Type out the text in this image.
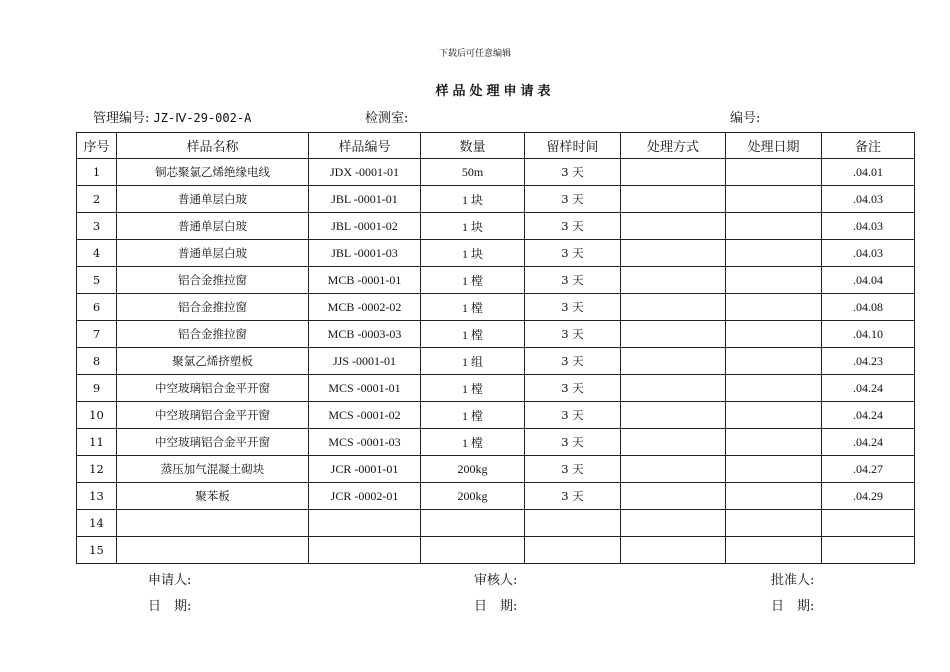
下载后可任意编辑
样品处理申请表
管理编号: JZ-Ⅳ-29-002-A	检测室:	编号:
序号	样品名称	样品编号	数量	留样时间	处理方式	处理日期	备注
1	铜芯聚氯乙烯绝缘电线	JDX -0001-01	50m	3 天			.04.01
2	普通单层白玻	JBL -0001-01	1 块	3 天			.04.03
3	普通单层白玻	JBL -0001-02	1 块	3 天			.04.03
4	普通单层白玻	JBL -0001-03	1 块	3 天			.04.03
5	铝合金推拉窗	MCB -0001-01	1 樘	3 天			.04.04
6	铝合金推拉窗	MCB -0002-02	1 樘	3 天			.04.08
7	铝合金推拉窗	MCB -0003-03	1 樘	3 天			.04.10
8	聚氯乙烯挤塑板	JJS -0001-01	1 组	3 天			.04.23
9	中空玻璃铝合金平开窗	MCS -0001-01	1 樘	3 天			.04.24
10	中空玻璃铝合金平开窗	MCS -0001-02	1 樘	3 天			.04.24
11	中空玻璃铝合金平开窗	MCS -0001-03	1 樘	3 天			.04.24
12	蒸压加气混凝土砌块	JCR -0001-01	200kg	3 天			.04.27
13	聚苯板	JCR -0002-01	200kg	3 天			.04.29
14							
15							
申请人:	审核人:	批准人:
日　期:	日　期:	日　期:
